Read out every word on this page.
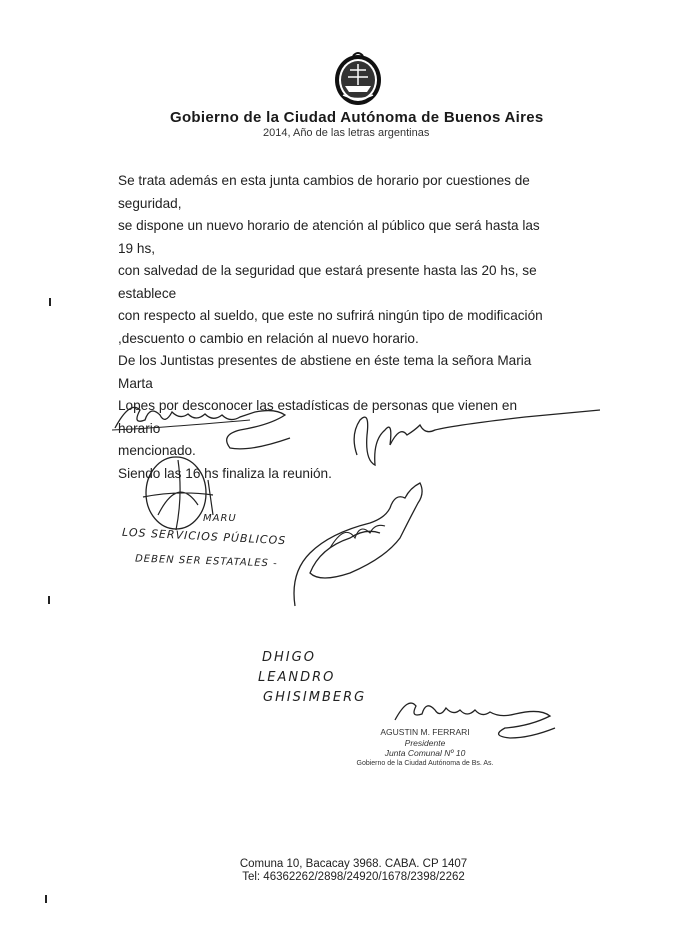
Gobierno de la Ciudad Autónoma de Buenos Aires
2014, Año de las letras argentinas

Se trata además en esta junta cambios de horario por cuestiones de seguridad,

se dispone un nuevo horario de atención al público que será hasta las 19 hs,

con salvedad de la seguridad que estará presente hasta las 20 hs, se establece

con respecto al sueldo, que este no sufrirá ningún tipo de modificación

,descuento o cambio en relación al nuevo horario.

De los Juntistas presentes de abstiene en éste tema la señora Maria Marta

Lopes por desconocer las estadísticas de personas que vienen en horario

mencionado.

Siendo las 16 hs finaliza la reunión.

MARU
LOS SERVICIOS PÚBLICOS
DEBEN SER ESTATALES -
DHIGO
LEANDRO
GHISIMBERG
AGUSTIN M. FERRARI
Presidente
Junta Comunal Nº 10
Gobierno de la Ciudad Autónoma de Bs. As.
Comuna 10, Bacacay 3968. CABA. CP 1407
Tel: 46362262/2898/24920/1678/2398/2262
